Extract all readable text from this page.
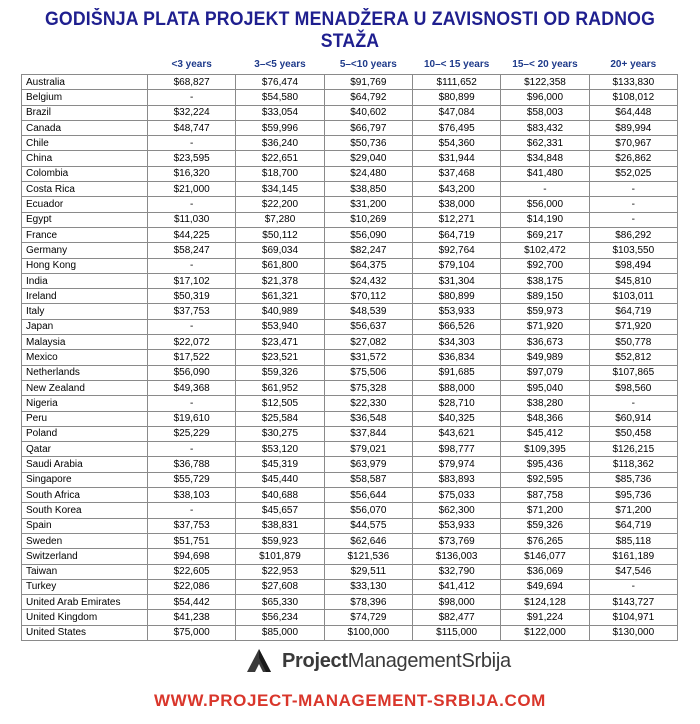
GODIŠNJA PLATA PROJEKT MENADŽERA U ZAVISNOSTI OD RADNOG STAŽA
	<3 years	3–<5 years	5–<10 years	10–< 15 years	15–< 20 years	20+ years
Australia	$68,827	$76,474	$91,769	$111,652	$122,358	$133,830
Belgium	-	$54,580	$64,792	$80,899	$96,000	$108,012
Brazil	$32,224	$33,054	$40,602	$47,084	$58,003	$64,448
Canada	$48,747	$59,996	$66,797	$76,495	$83,432	$89,994
Chile	-	$36,240	$50,736	$54,360	$62,331	$70,967
China	$23,595	$22,651	$29,040	$31,944	$34,848	$26,862
Colombia	$16,320	$18,700	$24,480	$37,468	$41,480	$52,025
Costa Rica	$21,000	$34,145	$38,850	$43,200	-	-
Ecuador	-	$22,200	$31,200	$38,000	$56,000	-
Egypt	$11,030	$7,280	$10,269	$12,271	$14,190	-
France	$44,225	$50,112	$56,090	$64,719	$69,217	$86,292
Germany	$58,247	$69,034	$82,247	$92,764	$102,472	$103,550
Hong Kong	-	$61,800	$64,375	$79,104	$92,700	$98,494
India	$17,102	$21,378	$24,432	$31,304	$38,175	$45,810
Ireland	$50,319	$61,321	$70,112	$80,899	$89,150	$103,011
Italy	$37,753	$40,989	$48,539	$53,933	$59,973	$64,719
Japan	-	$53,940	$56,637	$66,526	$71,920	$71,920
Malaysia	$22,072	$23,471	$27,082	$34,303	$36,673	$50,778
Mexico	$17,522	$23,521	$31,572	$36,834	$49,989	$52,812
Netherlands	$56,090	$59,326	$75,506	$91,685	$97,079	$107,865
New Zealand	$49,368	$61,952	$75,328	$88,000	$95,040	$98,560
Nigeria	-	$12,505	$22,330	$28,710	$38,280	-
Peru	$19,610	$25,584	$36,548	$40,325	$48,366	$60,914
Poland	$25,229	$30,275	$37,844	$43,621	$45,412	$50,458
Qatar	-	$53,120	$79,021	$98,777	$109,395	$126,215
Saudi Arabia	$36,788	$45,319	$63,979	$79,974	$95,436	$118,362
Singapore	$55,729	$45,440	$58,587	$83,893	$92,595	$85,736
South Africa	$38,103	$40,688	$56,644	$75,033	$87,758	$95,736
South Korea	-	$45,657	$56,070	$62,300	$71,200	$71,200
Spain	$37,753	$38,831	$44,575	$53,933	$59,326	$64,719
Sweden	$51,751	$59,923	$62,646	$73,769	$76,265	$85,118
Switzerland	$94,698	$101,879	$121,536	$136,003	$146,077	$161,189
Taiwan	$22,605	$22,953	$29,511	$32,790	$36,069	$47,546
Turkey	$22,086	$27,608	$33,130	$41,412	$49,694	-
United Arab Emirates	$54,442	$65,330	$78,396	$98,000	$124,128	$143,727
United Kingdom	$41,238	$56,234	$74,729	$82,477	$91,224	$104,971
United States	$75,000	$85,000	$100,000	$115,000	$122,000	$130,000
ProjectManagementSrbija
WWW.PROJECT-MANAGEMENT-SRBIJA.COM
